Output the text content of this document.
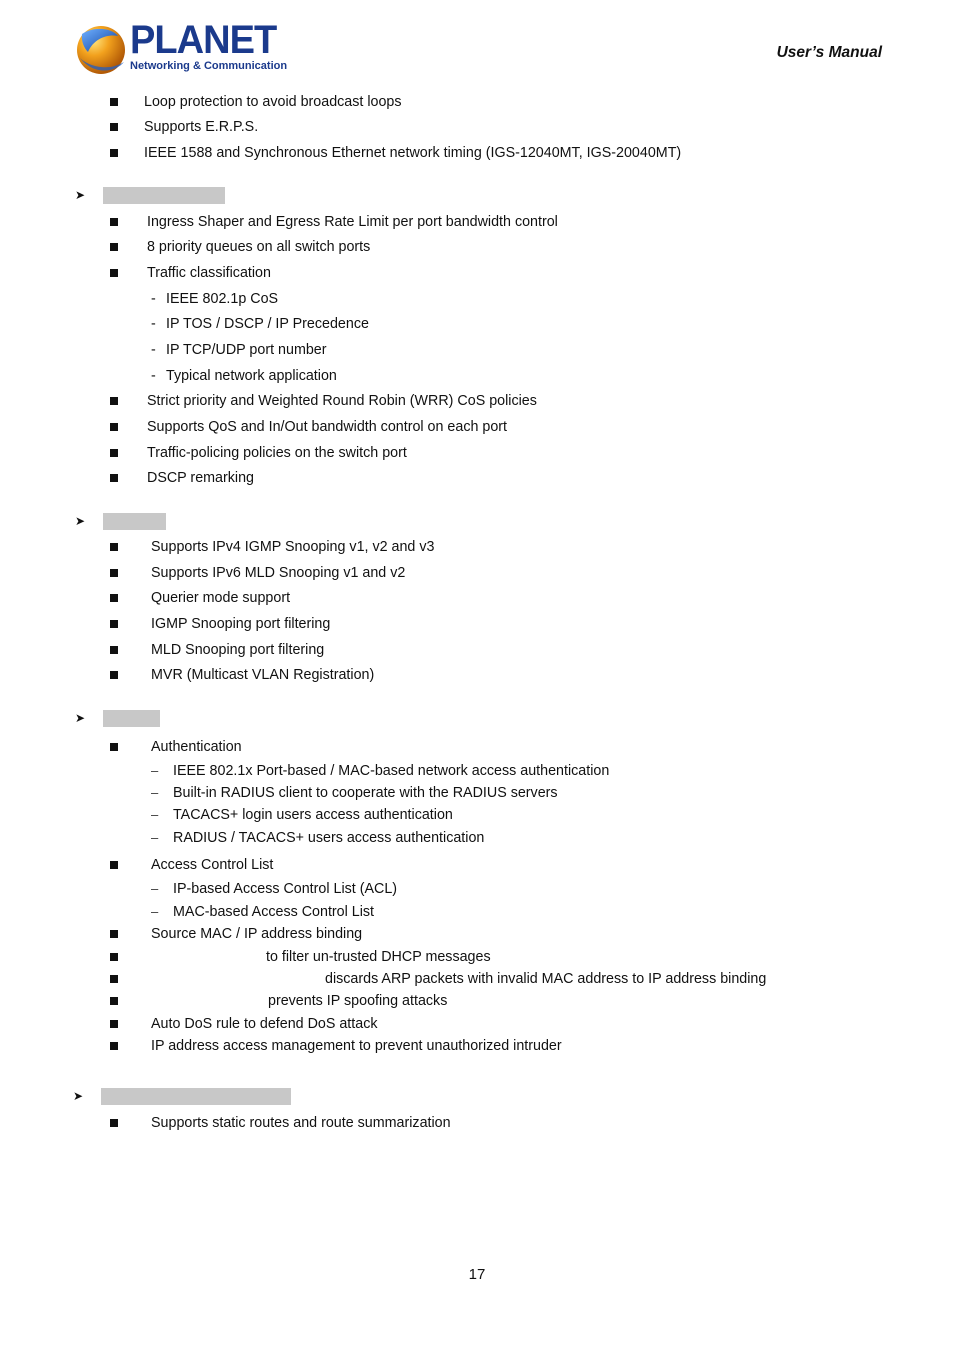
PLANET
Networking & Communication
User’s Manual
Loop protection to avoid broadcast loops
Supports E.R.P.S.
IEEE 1588 and Synchronous Ethernet network timing (IGS-12040MT, IGS-20040MT)
➤
Ingress Shaper and Egress Rate Limit per port bandwidth control
8 priority queues on all switch ports
Traffic classification
- IEEE 802.1p CoS
- IP TOS / DSCP / IP Precedence
- IP TCP/UDP port number
- Typical network application
Strict priority and Weighted Round Robin (WRR) CoS policies
Supports QoS and In/Out bandwidth control on each port
Traffic-policing policies on the switch port
DSCP remarking
➤
Supports IPv4 IGMP Snooping v1, v2 and v3
Supports IPv6 MLD Snooping v1 and v2
Querier mode support
IGMP Snooping port filtering
MLD Snooping port filtering
MVR (Multicast VLAN Registration)
➤
Authentication
– IEEE 802.1x Port-based / MAC-based network access authentication
– Built-in RADIUS client to cooperate with the RADIUS servers
– TACACS+ login users access authentication
– RADIUS / TACACS+ users access authentication
Access Control List
– IP-based Access Control List (ACL)
– MAC-based Access Control List
Source MAC / IP address binding
to filter un-trusted DHCP messages
discards ARP packets with invalid MAC address to IP address binding
prevents IP spoofing attacks
Auto DoS rule to defend DoS attack
IP address access management to prevent unauthorized intruder
➤
Supports static routes and route summarization
17
